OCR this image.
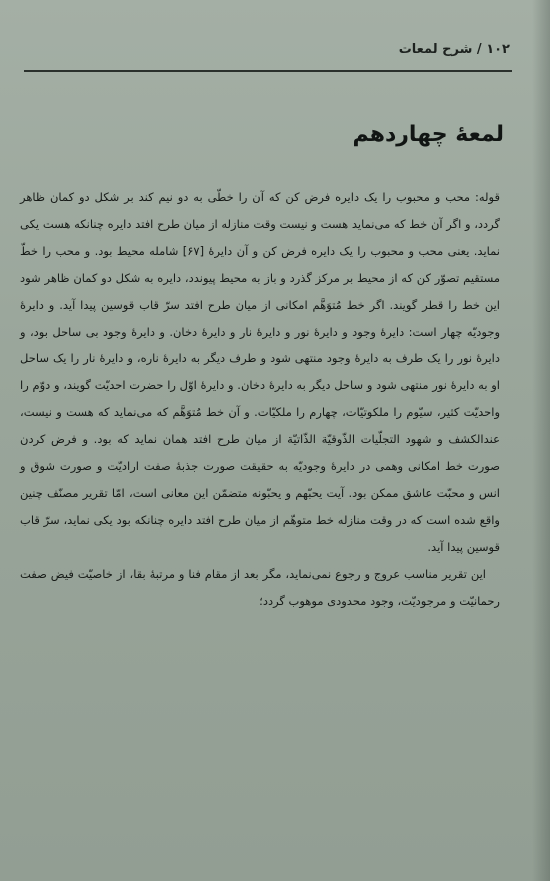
۱۰۲ / شرح لمعات
لمعهٔ چهاردهم

قوله: محب و محبوب را یک دایره فرض کن که آن را خطّی به دو نیم کند بر شکل دو کمان ظاهر گردد، و اگر آن خط که می‌نماید هست و نیست وقت منازله از میان طرح افتد دایره چنانکه هست یکی نماید. یعنی محب و محبوب را یک دایره فرض کن و آن دایرهٔ [۶۷] شامله محیط بود. و محب را خطّ مستقیم تصوّر کن که از محیط بر مرکز گذرد و باز به محیط پیوندد، دایره به شکل دو کمان ظاهر شود این خط را قطر گویند. اگر خط مُتوَهَّم امکانی از میان طرح افتد سرّ قاب قوسین پیدا آید. و دایرهٔ وجودیّه چهار است: دایرهٔ وجود و دایرهٔ نور و دایرهٔ نار و دایرهٔ دخان. و دایرهٔ وجود بی ساحل بود، و دایرهٔ نور را یک طرف به دایرهٔ وجود منتهی شود و طرف دیگر به دایرهٔ ناره، و دایرهٔ نار را یک ساحل او به دایرهٔ نور منتهی شود و ساحل دیگر به دایرهٔ دخان. و دایرهٔ اوّل را حضرت احدیّت گویند، و دوّم را واحدیّت کثیر، سیّوم را ملکوتیّات، چهارم را ملکیّات. و آن خط مُتوَهَّم که می‌نماید که هست و نیست، عندالکشف و شهود التجلّیات الذّوقیّة الذّاتیّة از میان طرح افتد همان نماید که بود. و فرض کردن صورت خط امکانی وهمی در دایرهٔ وجودیّه به حقیقت صورت جذبهٔ صفت ارادیّت و صورت شوق و انس و محبّت عاشق ممکن بود. آیت یحبّهم و یحبّونه متضمّن این معانی است، امّا تقریر مصنّف چنین واقع شده است که در وقت منازله خط متوهّم از میان طرح افتد دایره چنانکه بود یکی نماید، سرّ قاب قوسین پیدا آید.

این تقریر مناسب عروج و رجوع نمی‌نماید، مگر بعد از مقام فنا و مرتبهٔ بقا، از خاصیّت فیض صفت رحمانیّت و مرجودیّت، وجود محدودی موهوب گردد؛
